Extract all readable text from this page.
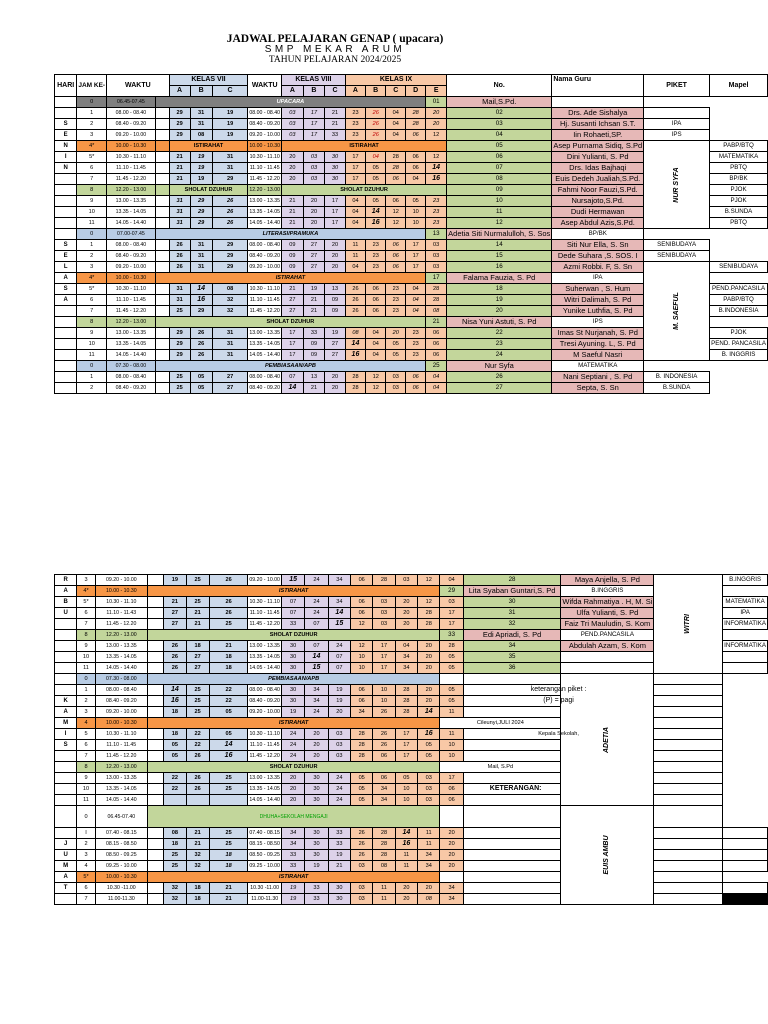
JADWAL PELAJARAN GENAP ( upacara)
SMP MEKAR ARUM
TAHUN PELAJARAN 2024/2025
HARI	JAM KE-	WAKTU		KELAS VII			WAKTU	KELAS VIII			KELAS IX					No.	Nama Guru	PIKET	Mapel
				A	B	C		A	B	C	A	B	C	D	E				
	0	06.45-07.45	UPACARA												01	Mail,S.Pd.			
	1	08.00 - 08.40		29	31	19	08.00 - 08.40	03	17	21	23	26	04	28	20	02	Drs. Ade Sishalya		
S	2	08.40 - 09.20		29	31	19	08.40 - 09.20	03	17	21	23	26	04	28	20	03	Hj. Susanti Ichsan S.T.	IPA	
E	3	09.20 - 10.00		29	08	19	09.20 - 10.00	03	17	33	23	26	04	06	12	04	Iin Rohaeti,SP.	IPS	
N	4*	10.00 - 10.30		ISTIRAHAT			10.00 - 10.30	ISTIRAHAT								05	Asep Purnama Sidiq, S.Pd	NUR SYFA	PABP/BTQ
I	5*	10.30 - 11.10		21	19	31	10.30 - 11.10	20	03	30	17	04	28	06	12	06	Dini Yulianti, S. Pd		MATEMATIKA
N	6	11.10 - 11.45		21	19	31	11.10 - 11.45	20	03	30	17	05	28	06	14	07	Drs. Idas Bajhaqi		PBTQ
	7	11.45 - 12.20		21	19	29	11.45 - 12.20	20	03	30	17	05	06	04	16	08	Euis Dedeh Jualiah,S.Pd.		BP/BK
	8	12.20 - 13.00		SHOLAT DZUHUR			12.20 - 13.00	SHOLAT DZUHUR								09	Fahmi Noor Fauzi,S.Pd.		PJOK
	9	13.00 - 13.35		31	29	26	13.00 - 13.35	21	20	17	04	05	06	05	23	10	Nursajoto,S.Pd.		PJOK
	10	13.35 - 14.05		31	29	26	13.35 - 14.05	21	20	17	04	14	12	10	23	11	Dudi Hermawan		B.SUNDA
	11	14.05 - 14.40		31	29	26	14.05 - 14.40	21	20	17	04	16	12	10	23	12	Asep Abdul Azis,S.Pd.		PBTQ
	0	07.00-07.45	LITERASI/PRAMUKA												13	Adetia Siti Nurmalulloh, S. Sos	BP/BK		
S	1	08.00 - 08.40		26	31	29	08.00 - 08.40	09	27	20	11	23	06	17	03	14	Siti Nur Ella, S. Sn	SENIBUDAYA	
E	2	08.40 - 09.20		26	31	29	08.40 - 09.20	09	27	20	11	23	06	17	03	15	Dede Suhara ,S. SOS. I	SENIBUDAYA	
L	3	09.20 - 10.00		26	31	29	09.20 - 10.00	09	27	20	04	23	06	17	03	16	Azmi Robbi. F, S. Sn	M. SAEFUL	SENIBUDAYA
A	4*	10.00 - 10.30	ISTIRAHAT												17	Falama Fauzia, S. Pd	IPA		
S	5*	10.30 - 11.10		31	14	08	10.30 - 11.10	21	19	13	26	06	23	04	28	18	Suherwan , S. Hum		PEND.PANCASILA
A	6	11.10 - 11.45		31	16	32	11.10 - 11.45	27	21	09	26	06	23	04	28	19	Witri Dalimah, S. Pd		PABP/BTQ
	7	11.45 - 12.20		25	29	32	11.45 - 12.20	27	21	09	26	06	23	04	08	20	Yunike Luthfia, S. Pd		B.INDONESIA
	8	12.20 - 13.00	SHOLAT DZUHUR												21	Nisa Yuni Astuti, S. Pd	IPS		
	9	13.00 - 13.35		29	26	31	13.00 - 13.35	17	33	19	08	04	20	23	06	22	Imas St Nurjanah, S. Pd		PJOK
	10	13.35 - 14.05		29	26	31	13.35 - 14.05	17	09	27	14	04	05	23	06	23	Tresi Ayuning. L, S. Pd		PEND. PANCASILA
	11	14.05 - 14.40		29	26	31	14.05 - 14.40	17	09	27	16	04	05	23	06	24	M Saeful Nasri		B. INGGRIS
	0	07.30 - 08.00	PEMBIASAAN/APB												25	Nur Syfa	MATEMATIKA		
	1	08.00 - 08.40		25	05	27	08.00 - 08.40	07	13	20	28	12	03	06	04	26	Nani Septiani , S. Pd	B. INDONESIA	
	2	08.40 - 09.20		25	05	27	08.40 - 09.20	14	21	20	28	12	03	06	04	27	Septa, S. Sn	B.SUNDA	
R	3	09.20 - 10.00		19	25	26	09.20 - 10.00	15	24	34	06	28	03	12	04	28	Maya Anjella, S. Pd	WITRI	B.INGGRIS
A	4*	10.00 - 10.30	ISTIRAHAT												29	Lita Syaban Guntari,S. Pd	B.INGGRIS		
B	5*	10.30 - 11.10		21	25	26	10.30 - 11.10	07	24	34	06	03	20	12	03	30	Wifda Rahmatiya . H, M. Si		MATEMATIKA
U	6	11.10 - 11.43		27	21	26	11.10 - 11.45	07	24	14	06	03	20	28	17	31	Ulfa Yulianti, S. Pd		IPA
	7	11.45 - 12.20		27	21	25	11.45 - 12.20	33	07	15	12	03	20	28	17	32	Faiz Tri Mauludin, S. Kom		INFORMATIKA
	8	12.20 - 13.00	SHOLAT DZUHUR												33	Edi Apriadi, S. Pd	PEND.PANCASILA		
	9	13.00 - 13.35		26	18	21	13.00 - 13.35	30	07	24	12	17	04	20	28	34	Abdulah Azam, S. Kom		INFORMATIKA
	10	13.35 - 14.05		26	27	18	13.35 - 14.05	30	14	07	10	17	34	20	05	35			
	11	14.05 - 14.40		26	27	18	14.05 - 14.40	30	15	07	10	17	34	20	05	36			
	0	07.30 - 08.00	PEMBIASAAN/APB														ADETIA		

	1	08.00 - 08.40		14	25	22	08.00 - 08.40	30	34	19	06	10	28	20	05	keterangan piket :			
K	2	08.40 - 09.20		16	25	22	08.40 - 09.20	30	34	19	06	10	28	20	05	(P) = pagi			
A	3	09.20 - 10.00		18	25	05	09.20 - 10.00	19	24	20	34	26	28	14	11				
M	4	10.00 - 10.30	ISTIRAHAT												Cileunyi,JULI 2024				
I	5	10.30 - 11.10		18	22	05	10.30 - 11.10	24	20	03	28	26	17	16	11	Kepala Sekolah,			
S	6	11.10 - 11.45		05	22	14	11.10 - 11.45	24	20	03	28	26	17	05	10				
	7	11.45 - 12.20		05	26	16	11.45 - 12.20	24	20	03	28	06	17	05	10				
	8	12.20 - 13.00	SHOLAT DZUHUR												Mail, S.Pd				
	9	13.00 - 13.35		22	26	25	13.00 - 13.35	20	30	24	05	06	05	03	17				
	10	13.35 - 14.05		22	26	25	13.35 - 14.05	20	30	24	05	34	10	03	06	KETERANGAN:			
	11	14.05 - 14.40					14.05 - 14.40	20	30	24	05	34	10	03	06				
	0	06.45-07.40	DHUHA+SEKOLAH MENGAJI														EUIS AMBU		

	I	07.40 - 08.15		08	21	25	07.40 - 08.15	34	30	33	26	28	14	11	20				
J	2	08.15 - 08.50		18	21	25	08.15 - 08.50	34	30	33	26	28	16	11	20				
U	3	08.50 - 09.25		25	32	18	08.50 - 09.25	33	30	19	26	28	11	34	20				
M	4	09.25 - 10.00		25	32	18	09.25 - 10.00	33	19	21	03	08	11	34	20				
A	5*	10.00 - 10.30	ISTIRAHAT																
T	6	10.30 -11.00		32	18	21	10.30 -11.00	19	33	30	03	11	20	20	34				
	7	11.00-11.30		32	18	21	11.00-11.30	19	33	30	03	11	20	08	34				
